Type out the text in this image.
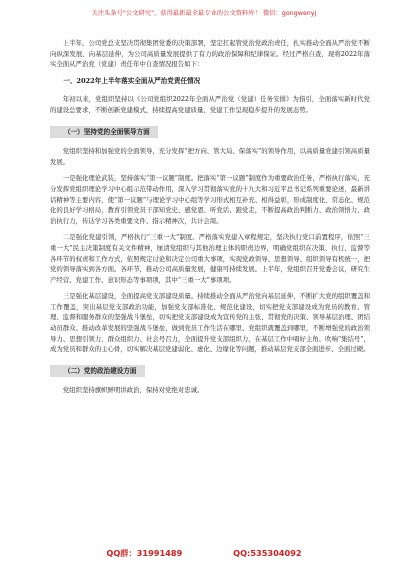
关注头条号"公文研究"，获得最新最全最专业的公文资料库！ 微信：gongwenyj

上半年，公司党总支坚决贯彻集团党委的决策部署，坚定扛起管党治党政治责任，扎实推动全面从严治党不断向纵深发展、向基层延伸，为公司高质量发展提供了有力的政治保障和纪律保证。经过严格自查，现将2022年落实全面从严治党（党建）责任年中自查情况报告如下：

一、2022年上半年落实全面从严治党责任情况

年初以来，党组织坚持以《公司党组织2022年全面从严治党（党建）任务安排》为指引，全面落实新时代党的建设总要求，不断创新党建模式，持续提高党建质量、党建工作呈现稳步提升的发展态势。

（一）坚持党的全面领导方面

党组织坚持和加强党的全面领导，充分发挥“把方向、管大局、保落实”的领导作用，以高质量党建引领高质量发展。

一是强化理论武装，坚持落实“第一议题”制度。把落实“第一议题”制度作为重要政治任务，严格执行落实，充分发挥党组织理论学习中心组示范带动作用，深入学习贯彻落实党的十九大和习近平总书记系列重要论述，最新讲话精神等主要内容，使“第一议题”与理论学习中心组等学习形式相互补充、相得益彰，形成制度化、常态化、规范化的良好学习格局，教育引领党员干部知党史、感党恩、听党话、跟党走，不断提高政治判断力、政治领悟力、政治执行力，传达学习各类重要文件、指示精神次，共计会周。

二是强化党建引领，严格执行“三重一大”制度。严格落实党建入章程规定，坚决执行党口前置程序，依照“三重一大”民主决策制度有关文件精神，厘清党组织与其他治理主体的职责边界，明确党组织在决策、执行、监督等各环节的权责和工作方式，依照规定讨论和决定公司重大事项，实现党政领导、思想领导、组织领导有机统一，把党的领导落实到各方面。各环节，推动公司高质量发展，健康可持续发展。上半年，党组织召开党委会议，研究生产经营、党建工作、意识形态等事项项，其中“三重一大”事项项。

三是强化基层建设，全面提高党支部建设质量。持续推动全面从严治党向基层延伸，不断扩大党的组织覆盖和工作覆盖，突出基层党支部政治功能，加强党支部标准化、规范化建设，切实把党支部建设成为党员的教育、管理、监督和服务群众的坚强战斗堡垒，切实把党支部建设成为宣传党的主张、贯彻党的决策、领导基层治理、团结动员群众、推动改革发展的坚强战斗堡垒，做到党员工作生活在哪里、党组织就覆盖到哪里，不断增强党的政治领导力、思想引领力、群众组织力、社会号召力，全面提升党支部组织力，在基层工作中唱好主角、吹响“集结号”，成为党员和群众的主心骨，切实解决基层党建弱化、虚化、边缘化等问题，推动基层党支部全面进步、全面过硬。

（二）党的政治建设方面

党组织坚持旗帜鲜明讲政治，保持对党绝对忠诚。

QQ群：31991489	QQ:535304092
